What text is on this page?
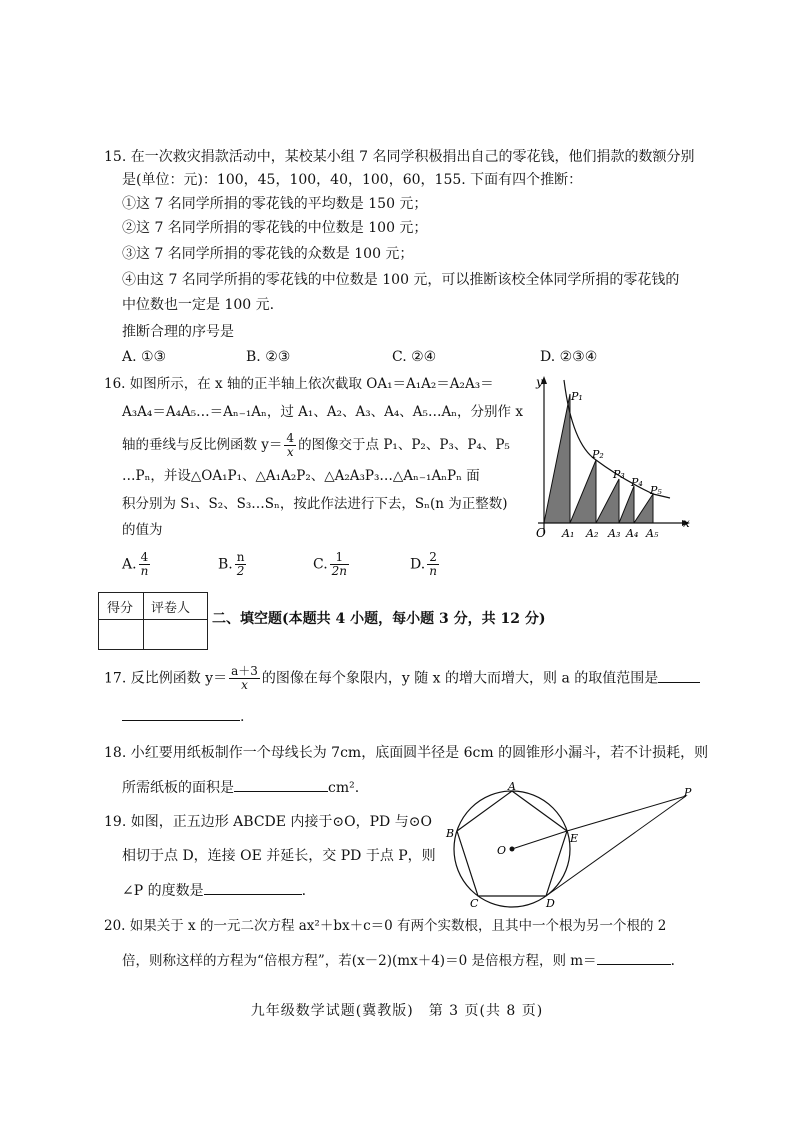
15. 在一次救灾捐款活动中，某校某小组 7 名同学积极捐出自己的零花钱，他们捐款的数额分别
是(单位：元)：100，45，100，40，100，60，155. 下面有四个推断：
①这 7 名同学所捐的零花钱的平均数是 150 元；
②这 7 名同学所捐的零花钱的中位数是 100 元；
③这 7 名同学所捐的零花钱的众数是 100 元；
④由这 7 名同学所捐的零花钱的中位数是 100 元，可以推断该校全体同学所捐的零花钱的
中位数也一定是 100 元.
推断合理的序号是
A. ①③	B. ②③	C. ②④	D. ②③④
16. 如图所示，在 x 轴的正半轴上依次截取 OA₁＝A₁A₂＝A₂A₃＝
A₃A₄＝A₄A₅…＝Aₙ₋₁Aₙ，过 A₁、A₂、A₃、A₄、A₅…Aₙ，分别作 x
轴的垂线与反比例函数 $y= \frac{4}{x}$ 的图像交于点 P₁、P₂、P₃、P₄、P₅
…Pₙ，并设△OA₁P₁、△A₁A₂P₂、△A₂A₃P₃…△Aₙ₋₁AₙPₙ 面
积分别为 S₁、S₂、S₃…Sₙ，按此作法进行下去，Sₙ(n 为正整数)
的值为
A. $\frac{4}{n}$	B. $\frac{n}{2}$	C. $\frac{1}{2n}$	D. $\frac{2}{n}$
y
x
O
P₁
P₂
P₃
P₄
P₅
A₁ A₂ A₃ A₄ A₅
得分 评卷人
二、填空题(本题共 4 小题，每小题 3 分，共 12 分)
17. 反比例函数 $y= \frac{a+3}{x}$ 的图像在每个象限内，y 随 x 的增大而增大，则 a 的取值范围是
.
18. 小红要用纸板制作一个母线长为 7cm，底面圆半径是 6cm 的圆锥形小漏斗，若不计损耗，则
所需纸板的面积是	cm².
19. 如图，正五边形 ABCDE 内接于⊙O，PD 与⊙O
相切于点 D，连接 OE 并延长，交 PD 于点 P，则
∠P 的度数是	.
A
B
C	D
E
O
P
20. 如果关于 x 的一元二次方程 ax²＋bx＋c＝0 有两个实数根，且其中一个根为另一个根的 2
倍，则称这样的方程为“倍根方程”，若(x－2)(mx＋4)＝0 是倍根方程，则 m＝	.
九年级数学试题(冀教版)　第 3 页(共 8 页)
